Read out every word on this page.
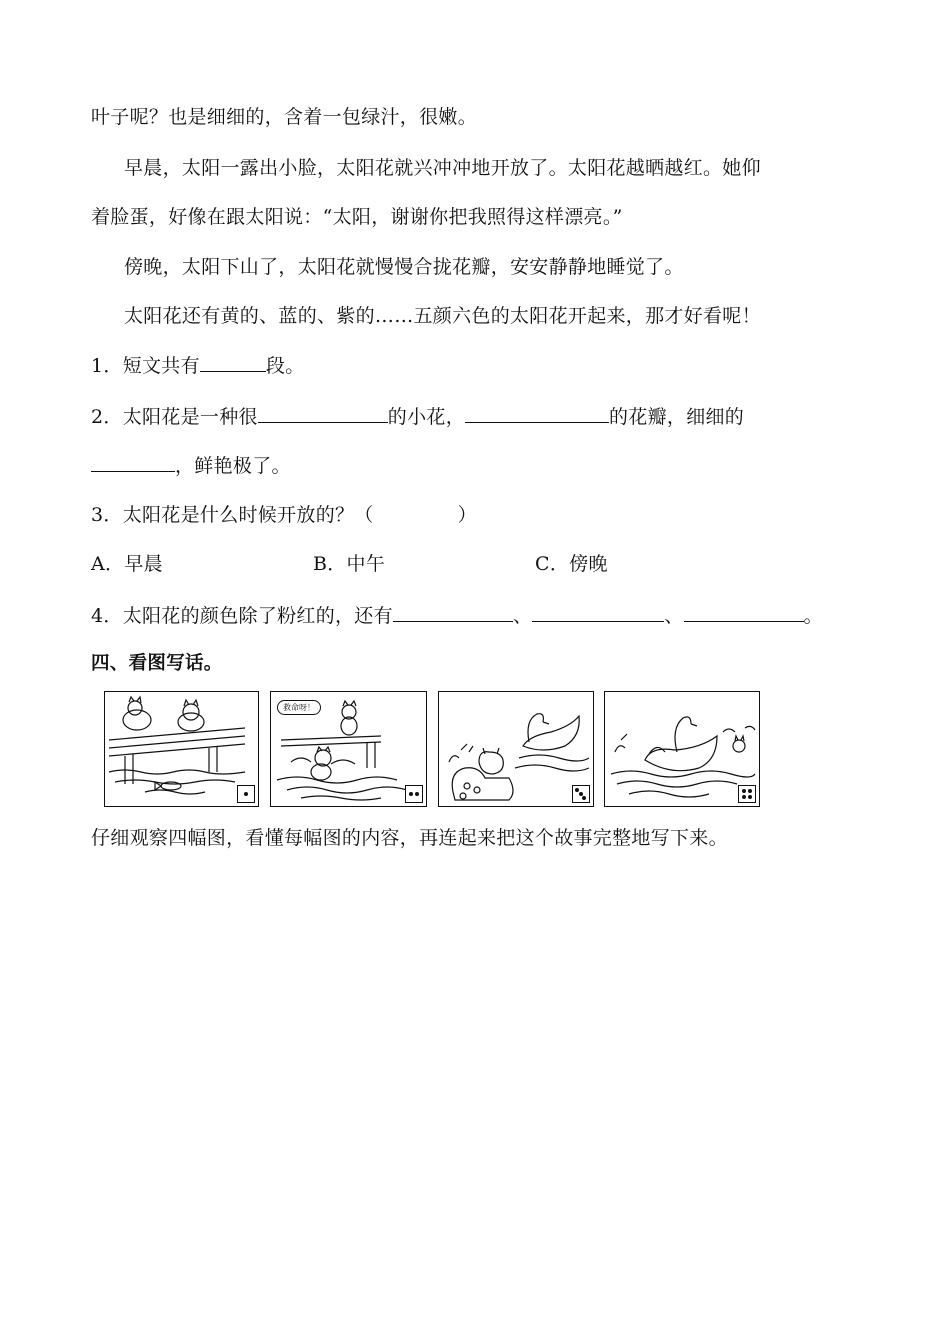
叶子呢？也是细细的，含着一包绿汁，很嫩。
早晨，太阳一露出小脸，太阳花就兴冲冲地开放了。太阳花越晒越红。她仰
着脸蛋，好像在跟太阳说：“太阳，谢谢你把我照得这样漂亮。”
傍晚，太阳下山了，太阳花就慢慢合拢花瓣，安安静静地睡觉了。
太阳花还有黄的、蓝的、紫的……五颜六色的太阳花开起来，那才好看呢！
1．短文共有	段。
2．太阳花是一种很	的小花，	的花瓣，细细的
，鲜艳极了。
3．太阳花是什么时候开放的？（	）
A．早晨	B．中午	C．傍晚
4．太阳花的颜色除了粉红的，还有	、	、	。
四、看图写话。
救命呀！
仔细观察四幅图，看懂每幅图的内容，再连起来把这个故事完整地写下来。
